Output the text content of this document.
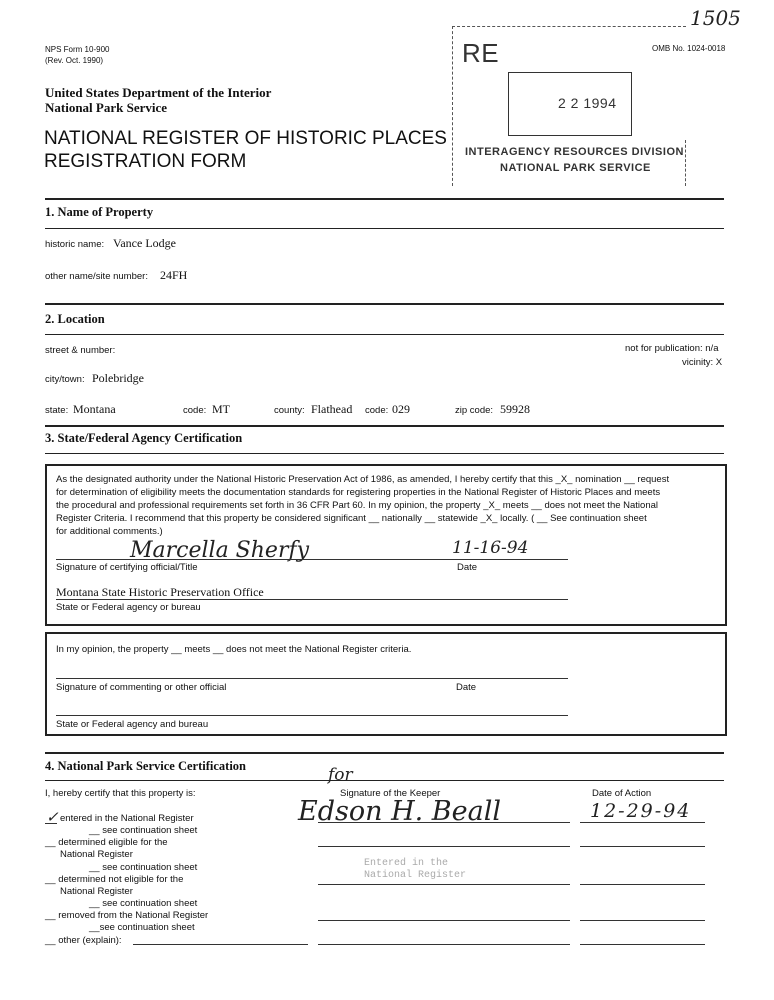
1505
NPS Form 10-900
(Rev. Oct. 1990)
OMB No. 1024-0018
United States Department of the Interior
National Park Service
NATIONAL REGISTER OF HISTORIC PLACES
REGISTRATION FORM
RE
2 2 1994
INTERAGENCY RESOURCES DIVISION
NATIONAL PARK SERVICE
1. Name of Property
historic name: Vance Lodge
other name/site number: 24FH
2. Location
street & number:	not for publication: n/a
vicinity: X
city/town: Polebridge
state: Montana	code: MT	county: Flathead code: 029	zip code: 59928
3. State/Federal Agency Certification
As the designated authority under the National Historic Preservation Act of 1986, as amended, I hereby certify that this _X_ nomination __ request
for determination of eligibility meets the documentation standards for registering properties in the National Register of Historic Places and meets
the procedural and professional requirements set forth in 36 CFR Part 60. In my opinion, the property _X_ meets __ does not meet the National
Register Criteria. I recommend that this property be considered significant __ nationally __ statewide _X_ locally. ( __ See continuation sheet
for additional comments.)
Marcella Sherfy	11-16-94
Signature of certifying official/Title	Date
Montana State Historic Preservation Office
State or Federal agency or bureau
In my opinion, the property __ meets __ does not meet the National Register criteria.
Signature of commenting or other official	Date
State or Federal agency and bureau
4. National Park Service Certification
I, hereby certify that this property is:	Signature of the Keeper	Date of Action
for
Edson H. Beall	12-29-94
✓ entered in the National Register
__ see continuation sheet
__ determined eligible for the
National Register
__ see continuation sheet
__ determined not eligible for the
National Register
__ see continuation sheet
__ removed from the National Register
__see continuation sheet
__ other (explain):
Entered in the
National Register
